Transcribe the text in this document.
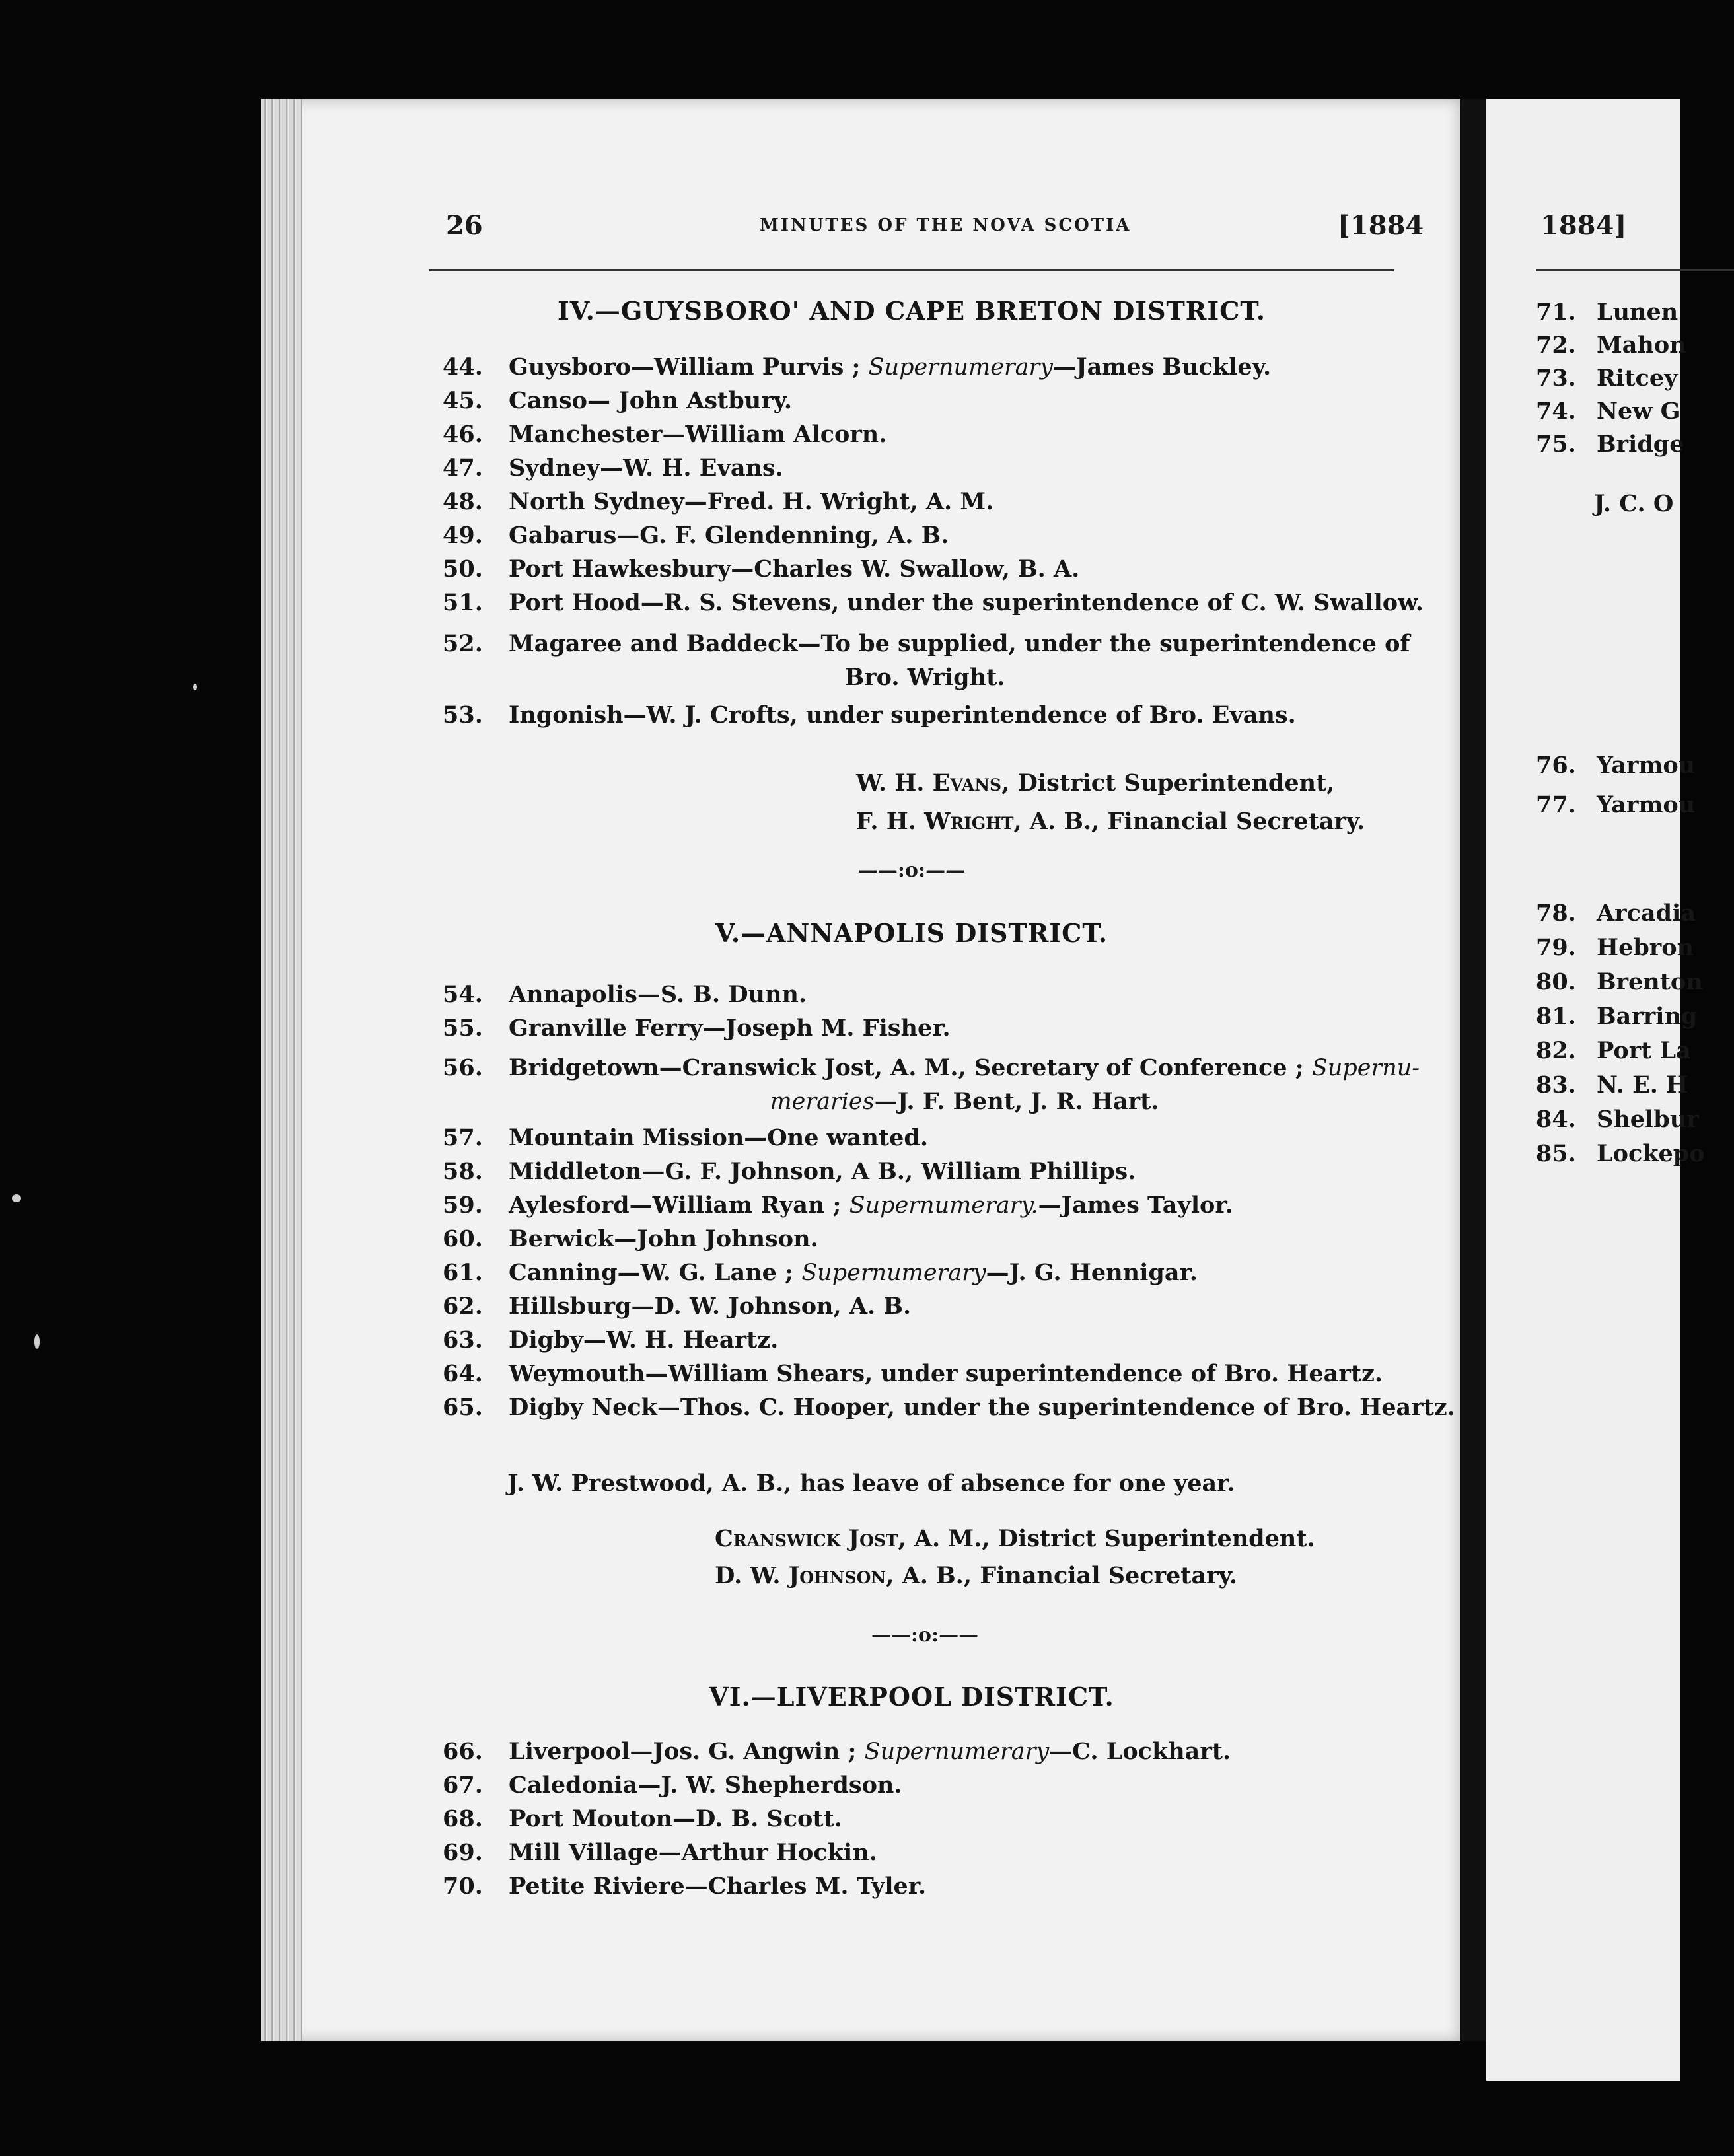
26	MINUTES OF THE NOVA SCOTIA	[1884
IV.—GUYSBORO' AND CAPE BRETON DISTRICT.
44.	Guysboro—William Purvis ; Supernumerary—James Buckley.
45.	Canso— John Astbury.
46.	Manchester—William Alcorn.
47.	Sydney—W. H. Evans.
48.	North Sydney—Fred. H. Wright, A. M.
49.	Gabarus—G. F. Glendenning, A. B.
50.	Port Hawkesbury—Charles W. Swallow, B. A.
51.	Port Hood—R. S. Stevens, under the superintendence of C. W. Swallow.
52.	Magaree and Baddeck—To be supplied, under the superintendence of
Bro. Wright.
53.	Ingonish—W. J. Crofts, under superintendence of Bro. Evans.
W. H. Evans, District Superintendent,
F. H. Wright, A. B., Financial Secretary.
——:o:——
V.—ANNAPOLIS DISTRICT.
54.	Annapolis—S. B. Dunn.
55.	Granville Ferry—Joseph M. Fisher.
56.	Bridgetown—Cranswick Jost, A. M., Secretary of Conference ; Supernu-
meraries—J. F. Bent, J. R. Hart.
57.	Mountain Mission—One wanted.
58.	Middleton—G. F. Johnson, A B., William Phillips.
59.	Aylesford—William Ryan ; Supernumerary.—James Taylor.
60.	Berwick—John Johnson.
61.	Canning—W. G. Lane ; Supernumerary—J. G. Hennigar.
62.	Hillsburg—D. W. Johnson, A. B.
63.	Digby—W. H. Heartz.
64.	Weymouth—William Shears, under superintendence of Bro. Heartz.
65.	Digby Neck—Thos. C. Hooper, under the superintendence of Bro. Heartz.
J. W. Prestwood, A. B., has leave of absence for one year.
Cranswick Jost, A. M., District Superintendent.
D. W. Johnson, A. B., Financial Secretary.
——:o:——
VI.—LIVERPOOL DISTRICT.
66.	Liverpool—Jos. G. Angwin ; Supernumerary—C. Lockhart.
67.	Caledonia—J. W. Shepherdson.
68.	Port Mouton—D. B. Scott.
69.	Mill Village—Arthur Hockin.
70.	Petite Riviere—Charles M. Tyler.
1884]
71. Lunen
72. Mahon
73. Ritcey
74. New G
75. Bridge
J. C. O
76. Yarmou
77. Yarmou
78. Arcadia
79. Hebron
80. Brenton
81. Barring
82. Port La
83. N. E. H
84. Shelbur
85. Lockepo
